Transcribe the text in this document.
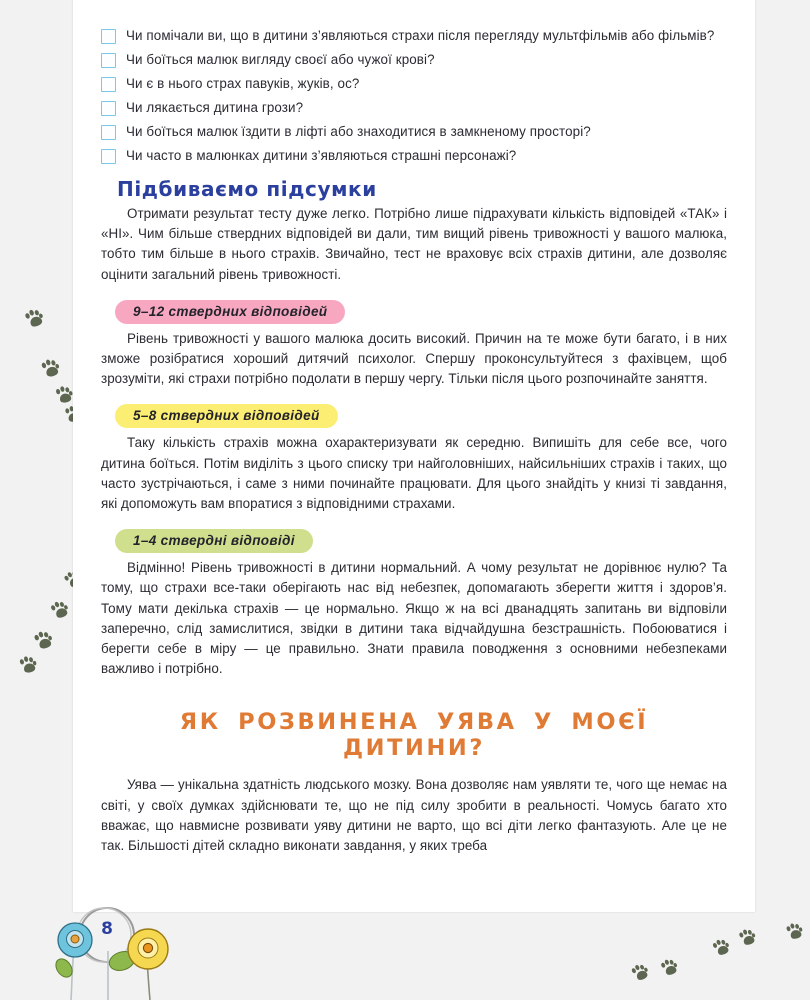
Чи помічали ви, що в дитини з’являються страхи після перегляду мультфільмів або фільмів?
Чи боїться малюк вигляду своєї або чужої крові?
Чи є в нього страх павуків, жуків, ос?
Чи лякається дитина грози?
Чи боїться малюк їздити в ліфті або знаходитися в замкненому просторі?
Чи часто в малюнках дитини з’являються страшні персонажі?
Підбиваємо підсумки

Отримати результат тесту дуже легко. Потрібно лише підрахувати кількість відповідей «ТАК» і «НІ». Чим більше ствердних відповідей ви дали, тим вищий рівень тривожності у вашого малюка, тобто тим більше в нього страхів. Звичайно, тест не враховує всіх страхів дитини, але дозволяє оцінити загальний рівень тривожності.

9–12 ствердних відповідей

Рівень тривожності у вашого малюка досить високий. Причин на те може бути багато, і в них зможе розібратися хороший дитячий психолог. Спершу проконсультуйтеся з фахівцем, щоб зрозуміти, які страхи потрібно подолати в першу чергу. Тільки після цього розпочинайте заняття.

5–8 ствердних відповідей

Таку кількість страхів можна охарактеризувати як середню. Випишіть для себе все, чого дитина боїться. Потім виділіть з цього списку три найголовніших, найсильніших страхів і таких, що часто зустрічаються, і саме з ними починайте працювати. Для цього знайдіть у книзі ті завдання, які допоможуть вам впоратися з відповідними страхами.

1–4 ствердні відповіді

Відмінно! Рівень тривожності в дитини нормальний. А чому результат не дорівнює нулю? Та тому, що страхи все-таки оберігають нас від небезпек, допомагають зберегти життя і здоров’я. Тому мати декілька страхів — це нормально. Якщо ж на всі дванадцять запитань ви відповіли заперечно, слід замислитися, звідки в дитини така відчайдушна безстрашність. Побоюватися і берегти себе в міру — це правильно. Знати правила поводження з основними небезпеками важливо і потрібно.

ЯК РОЗВИНЕНА УЯВА У МОЄЇ ДИТИНИ?

Уява — унікальна здатність людського мозку. Вона дозволяє нам уявляти те, чого ще немає на світі, у своїх думках здійснювати те, що не під силу зробити в реальності. Чомусь багато хто вважає, що навмисне розвивати уяву дитини не варто, що всі діти легко фантазують. Але це не так. Більшості дітей складно виконати завдання, у яких треба

8
